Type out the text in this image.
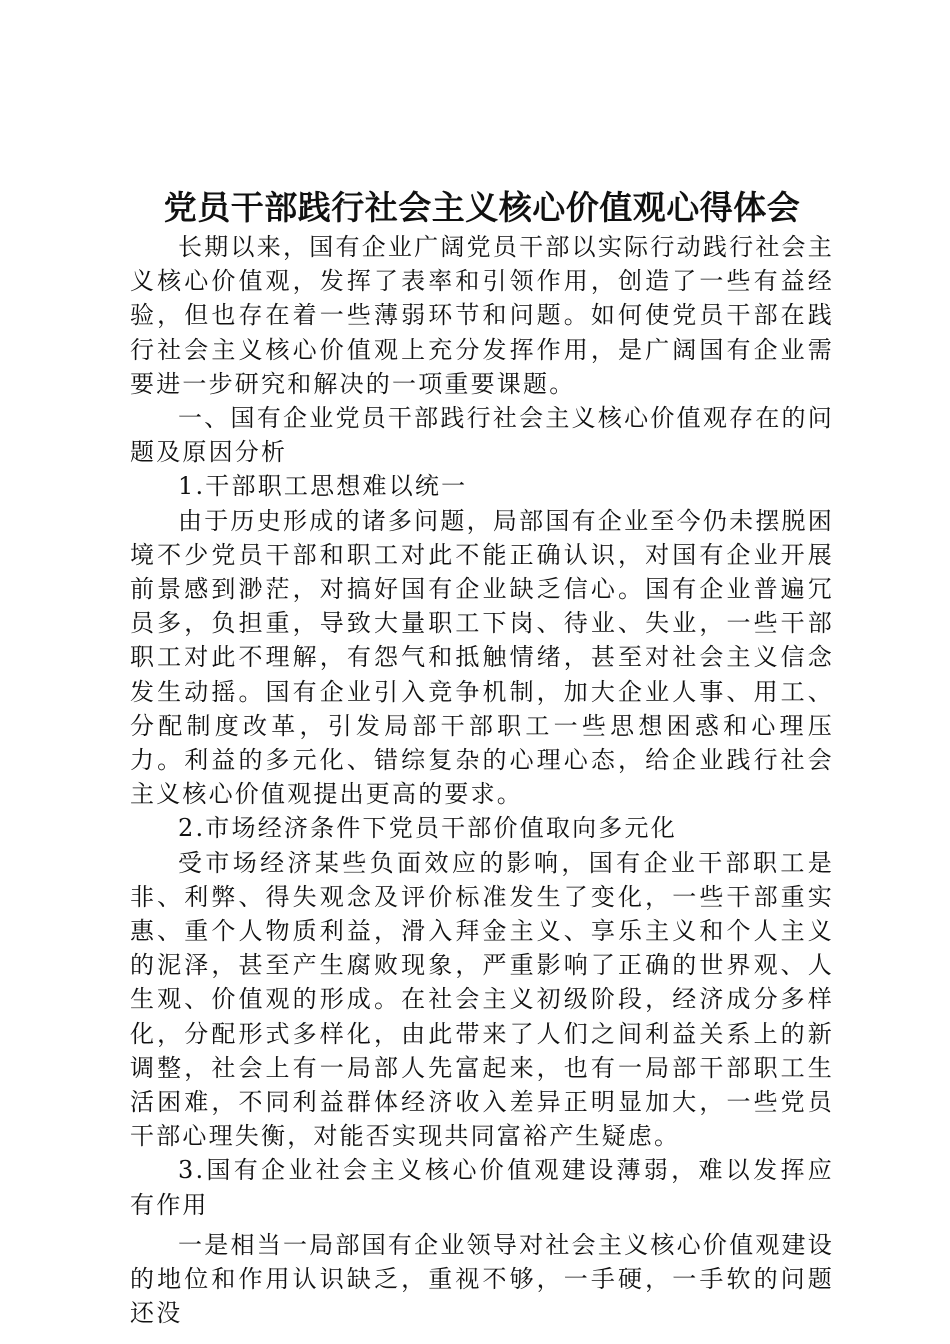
党员干部践行社会主义核心价值观心得体会

长期以来，国有企业广阔党员干部以实际行动践行社会主义核心价值观，发挥了表率和引领作用，创造了一些有益经验，但也存在着一些薄弱环节和问题。如何使党员干部在践行社会主义核心价值观上充分发挥作用，是广阔国有企业需要进一步研究和解决的一项重要课题。

一、国有企业党员干部践行社会主义核心价值观存在的问题及原因分析

1.干部职工思想难以统一

由于历史形成的诸多问题，局部国有企业至今仍未摆脱困境不少党员干部和职工对此不能正确认识，对国有企业开展前景感到渺茫，对搞好国有企业缺乏信心。国有企业普遍冗员多，负担重，导致大量职工下岗、待业、失业，一些干部职工对此不理解，有怨气和抵触情绪，甚至对社会主义信念发生动摇。国有企业引入竞争机制，加大企业人事、用工、分配制度改革，引发局部干部职工一些思想困惑和心理压力。利益的多元化、错综复杂的心理心态，给企业践行社会主义核心价值观提出更高的要求。

2.市场经济条件下党员干部价值取向多元化

受市场经济某些负面效应的影响，国有企业干部职工是非、利弊、得失观念及评价标准发生了变化，一些干部重实惠、重个人物质利益，滑入拜金主义、享乐主义和个人主义的泥泽，甚至产生腐败现象，严重影响了正确的世界观、人生观、价值观的形成。在社会主义初级阶段，经济成分多样化，分配形式多样化，由此带来了人们之间利益关系上的新调整，社会上有一局部人先富起来，也有一局部干部职工生活困难，不同利益群体经济收入差异正明显加大，一些党员干部心理失衡，对能否实现共同富裕产生疑虑。

3.国有企业社会主义核心价值观建设薄弱，难以发挥应有作用

一是相当一局部国有企业领导对社会主义核心价值观建设的地位和作用认识缺乏，重视不够，一手硬，一手软的问题还没
